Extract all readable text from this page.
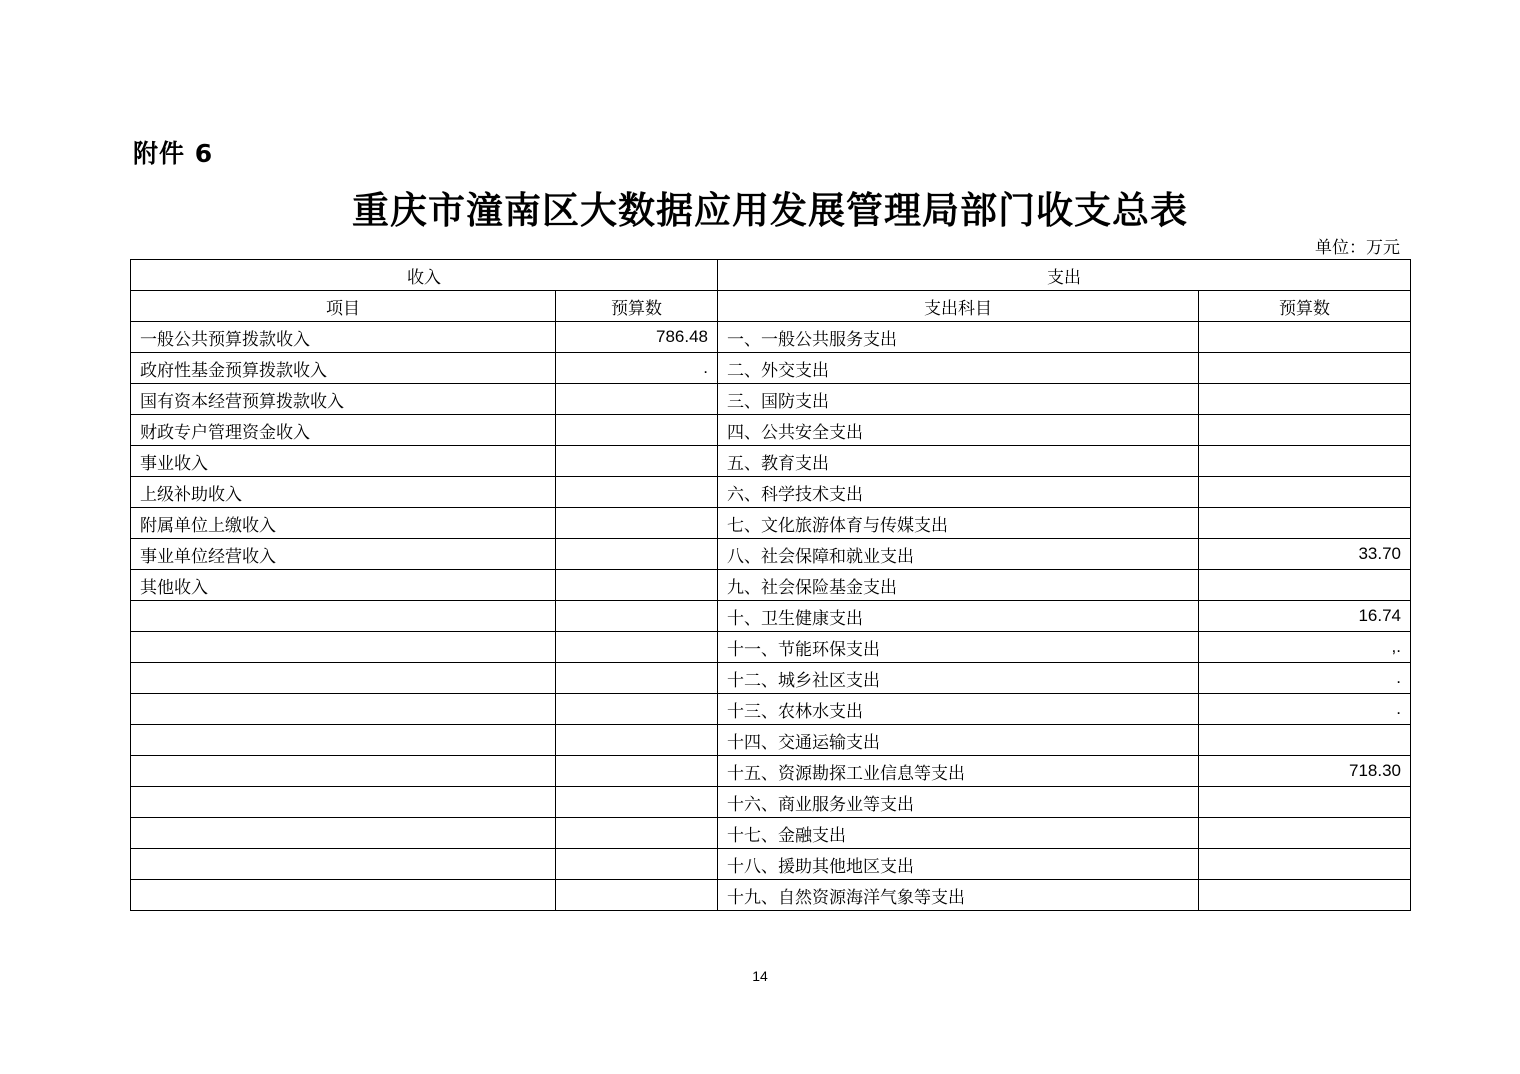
附件 6
重庆市潼南区大数据应用发展管理局部门收支总表
单位：万元
收入		支出	
项目	预算数	支出科目	预算数
一般公共预算拨款收入	786.48	一、一般公共服务支出	
政府性基金预算拨款收入	.	二、外交支出	
国有资本经营预算拨款收入		三、国防支出	
财政专户管理资金收入		四、公共安全支出	
事业收入		五、教育支出	
上级补助收入		六、科学技术支出	
附属单位上缴收入		七、文化旅游体育与传媒支出	
事业单位经营收入		八、社会保障和就业支出	33.70
其他收入		九、社会保险基金支出	
		十、卫生健康支出	16.74
		十一、节能环保支出	,.
		十二、城乡社区支出	.
		十三、农林水支出	.
		十四、交通运输支出	
		十五、资源勘探工业信息等支出	718.30
		十六、商业服务业等支出	
		十七、金融支出	
		十八、援助其他地区支出	
		十九、自然资源海洋气象等支出	
14
